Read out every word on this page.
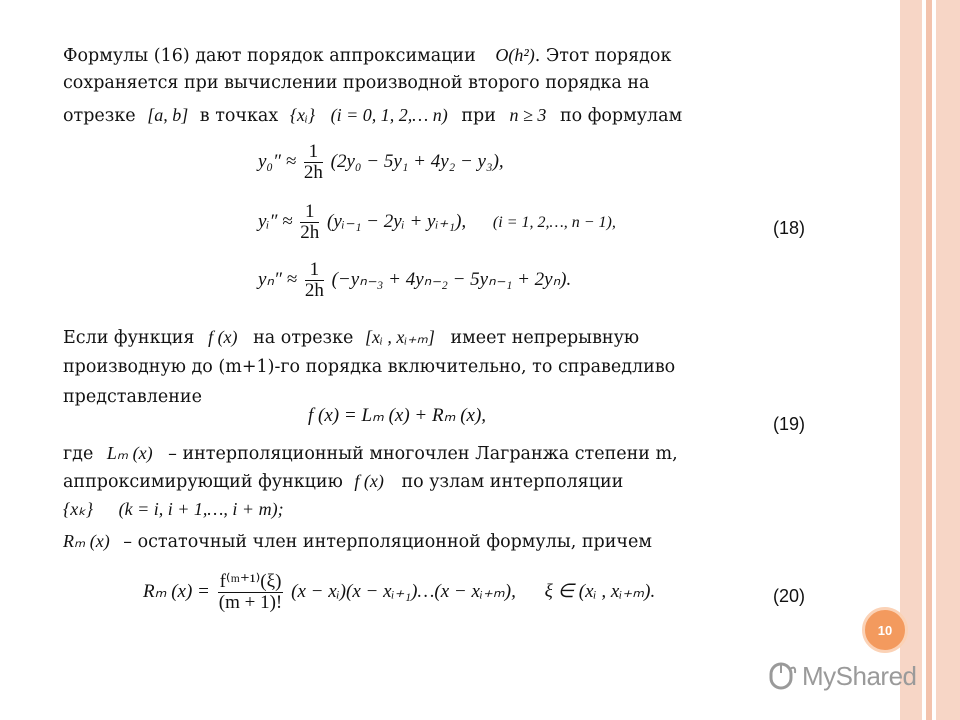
Формулы (16) дают порядок аппроксимации O(h²). Этот порядок
сохраняется при вычислении производной второго порядка на
отрезке [a, b] в точках {xᵢ} (i = 0, 1, 2,… n) при n ≥ 3 по формулам
$y_0'' \approx \frac{1}{2h} (2y_0 - 5y_1 + 4y_2 - y_3)$,
yᵢ″ ≈ $\frac{1}{2h}$ (yᵢ₋₁ − 2yᵢ + yᵢ₊₁), (i = 1, 2,…, n − 1),	(18)
$y_n'' \approx \frac{1}{2h} (-y_{n-3} + 4y_{n-2} - 5y_{n-1} + 2y_n)$.
Если функция f (x) на отрезке [xᵢ , xᵢ₊ₘ] имеет непрерывную
производную до (m+1)-го порядка включительно, то справедливо
представление
f (x) = Lₘ (x) + Rₘ (x),	(19)
где Lₘ (x) – интерполяционный многочлен Лагранжа степени m,
аппроксимирующий функцию f (x) по узлам интерполяции
{xₖ} (k = i, i + 1,…, i + m);
Rₘ (x) – остаточный член интерполяционной формулы, причем
Rₘ $(x) = \frac{\text{f⁽ᵐ⁺¹⁾(ξ)}}{(m + 1)!} (x$ − xᵢ)(x − xᵢ₊₁)…(x − xᵢ₊ₘ), ξ ∈ (xᵢ , xᵢ₊ₘ).	(20)
10
MyShared
